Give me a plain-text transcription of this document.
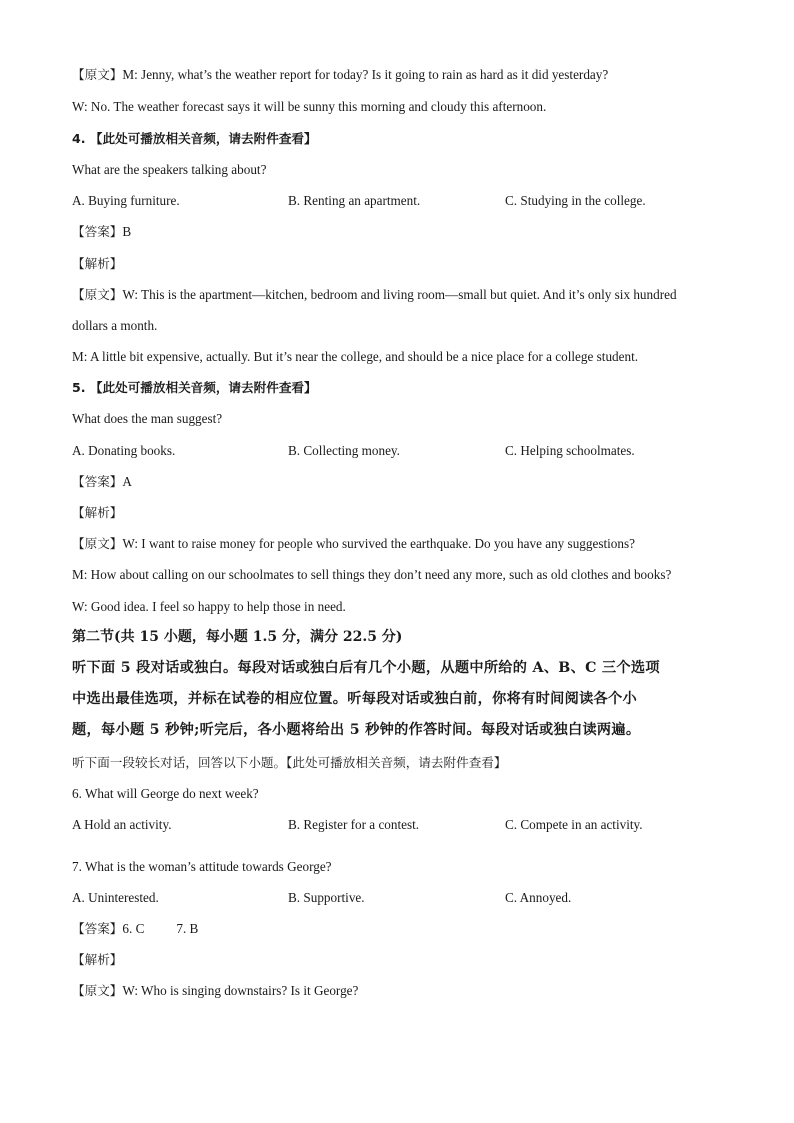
【原文】M: Jenny, what’s the weather report for today? Is it going to rain as hard as it did yesterday?
W: No. The weather forecast says it will be sunny this morning and cloudy this afternoon.
4. 【此处可播放相关音频，请去附件查看】
What are the speakers talking about?
A. Buying furniture.	B. Renting an apartment.	C. Studying in the college.
【答案】B
【解析】
【原文】W: This is the apartment—kitchen, bedroom and living room—small but quiet. And it’s only six hundred
dollars a month.
M: A little bit expensive, actually. But it’s near the college, and should be a nice place for a college student.
5. 【此处可播放相关音频，请去附件查看】
What does the man suggest?
A. Donating books.	B. Collecting money.	C. Helping schoolmates.
【答案】A
【解析】
【原文】W: I want to raise money for people who survived the earthquake. Do you have any suggestions?
M: How about calling on our schoolmates to sell things they don’t need any more, such as old clothes and books?
W: Good idea. I feel so happy to help those in need.
第二节(共 15 小题，每小题 1.5 分，满分 22.5 分)
听下面 5 段对话或独白。每段对话或独白后有几个小题，从题中所给的 A、B、C 三个选项
中选出最佳选项，并标在试卷的相应位置。听每段对话或独白前，你将有时间阅读各个小
题，每小题 5 秒钟;听完后，各小题将给出 5 秒钟的作答时间。每段对话或独白读两遍。
听下面一段较长对话，回答以下小题。【此处可播放相关音频，请去附件查看】
6. What will George do next week?
A Hold an activity.	B. Register for a contest.	C. Compete in an activity.
7. What is the woman’s attitude towards George?
A. Uninterested.	B. Supportive.	C. Annoyed.
【答案】6. C 7. B
【解析】
【原文】W: Who is singing downstairs? Is it George?
